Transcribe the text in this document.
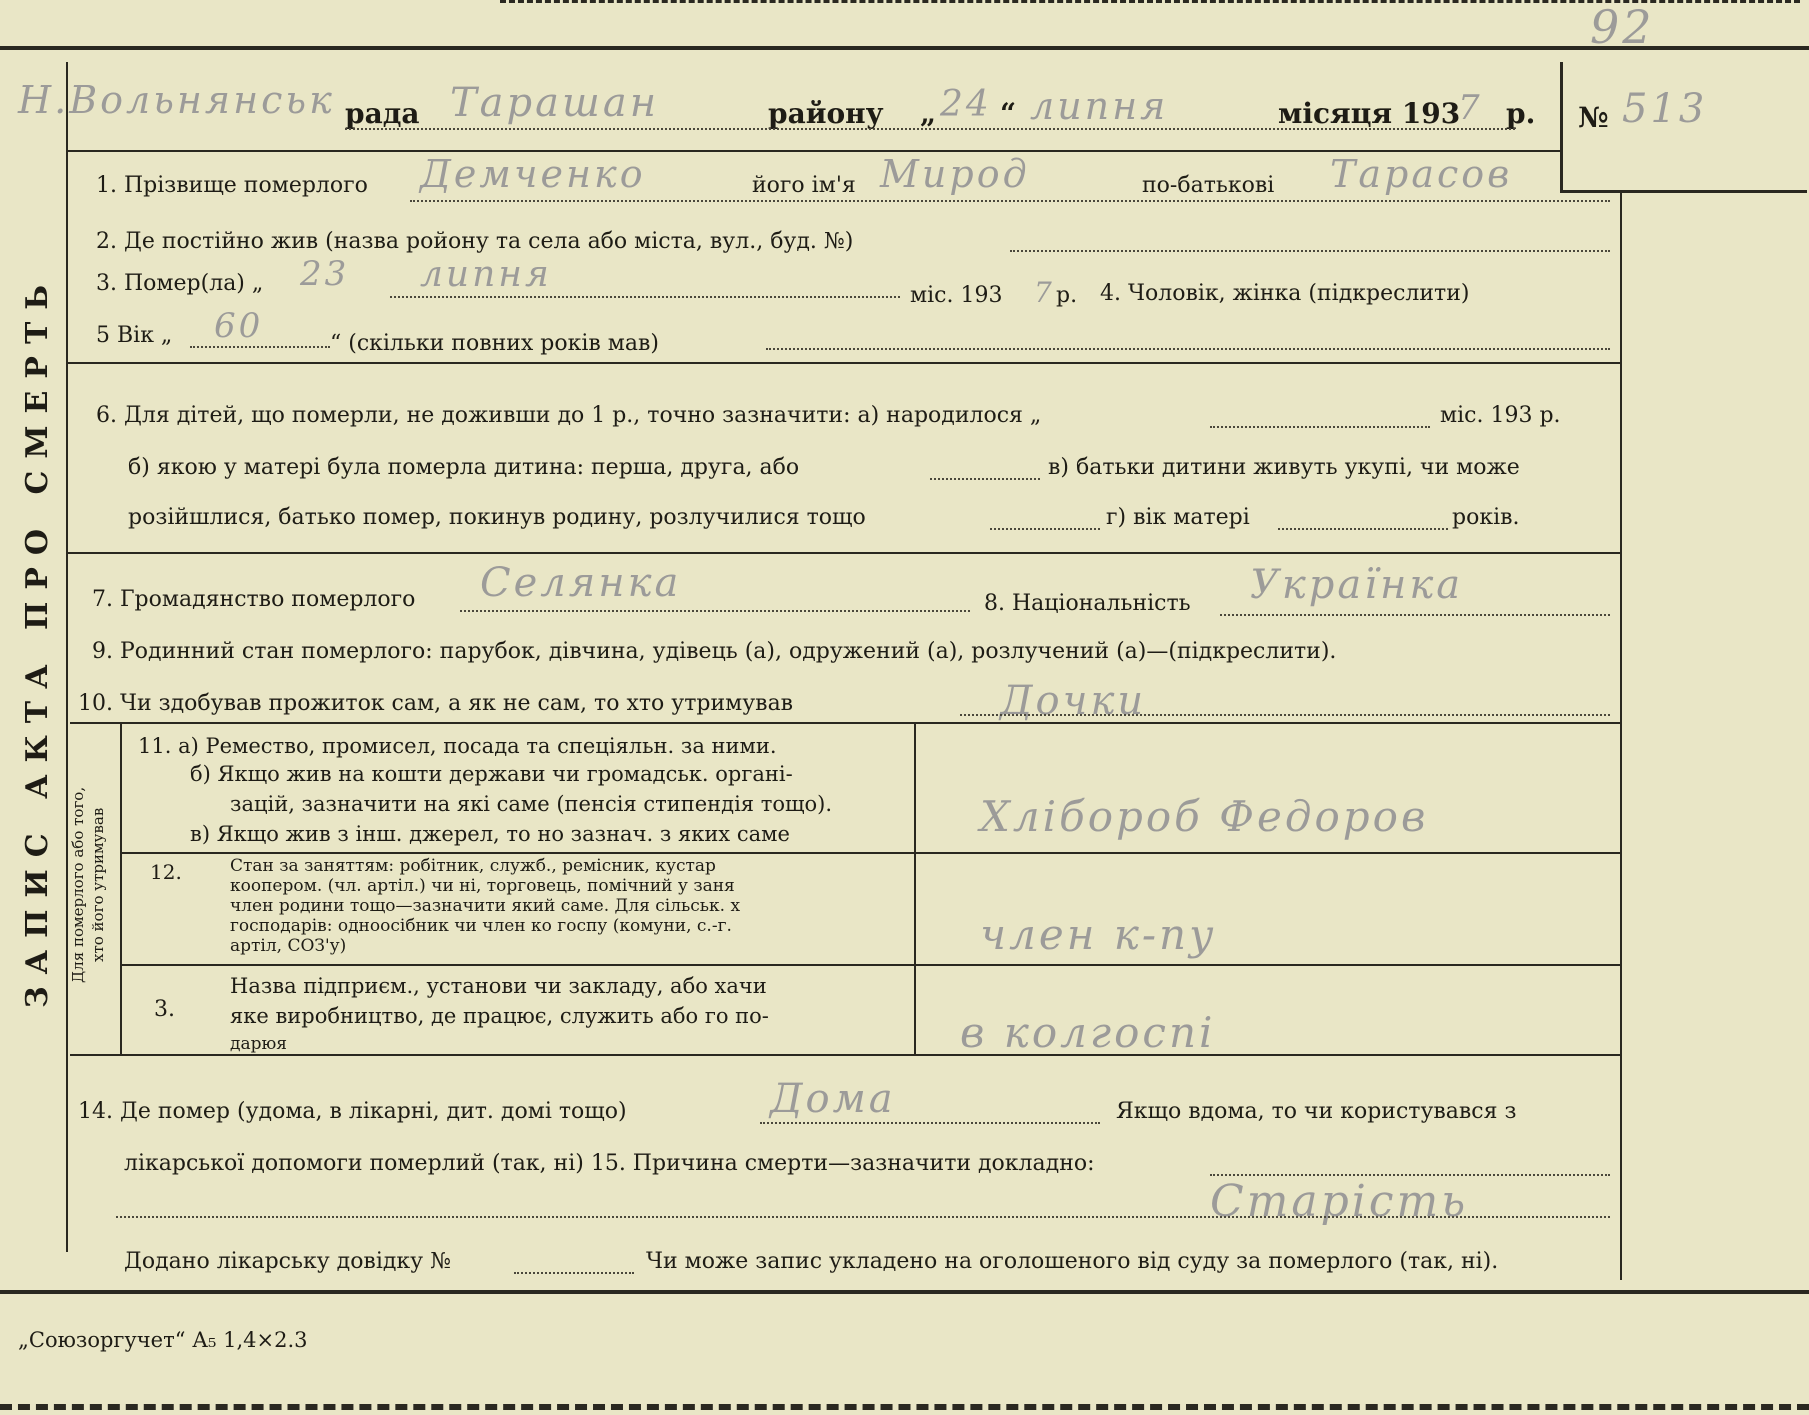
92
ЗАПИС АКТА ПРО СМЕРТЬ
Н.Вольнянськ рада Тарашан	району „ 24 “ липня	місяця 193
7 р. № 513
1. Прізвище померлого Демченко	його ім'я Мирод	по-батькові Тарасов
2. Де постійно жив (назва ройону та села або міста, вул., буд. №)
3. Помер(ла) „ 23 липня
міс. 193 7 р. 4. Чоловік, жінка (підкреслити)
5 Вік „ 60	“ (скільки повних років мав)
6. Для дітей, що померли, не доживши до 1 р., точно зазначити: а) народилося „	міс. 193 р.
б) якою у матері була померла дитина: перша, друга, або	в) батьки дитини живуть укупі, чи може
розійшлися, батько помер, покинув родину, розлучилися тощо	г) вік матері	років.
7. Громадянство померлого Селянка	8. Національність Українка
9. Родинний стан померлого: парубок, дівчина, удівець (а), одружений (а), розлучений (а)—(підкреслити).
10. Чи здобував прожиток сам, а як не сам, то хто утримував	Дочки
Для померлого або того, хто його утримував
11. а) Ремество, промисел, посада та спеціяльн. за ними.
б) Якщо жив на кошти держави чи громадськ. органі-
зацій, зазначити на які саме (пенсія стипендія тощо).
в) Якщо жив з інш. джерел, то но зазнач. з яких саме	Хлібороб Федоров
12.	Стан за заняттям: робітник, служб., ремісник, кустар
коопером. (чл. артіл.) чи ні, торговець, помічний у заня
член родини тощо—зазначити який саме. Для сільськ. х
господарів: одноосібник чи член ко госпу (комуни, с.-г.
артіл, СОЗ'у)	член к-пу
3.
Назва підприєм., установи чи закладу, або хачи
яке виробництво, де працює, служить або го по-
дарюя	в колгоспі
14. Де помер (удома, в лікарні, дит. домі тощо)	Дома	Якщо вдома, то чи користувався з
лікарської допомоги померлий (так, ні) 15. Причина смерти—зазначити докладно:
Старість
Додано лікарську довідку №	Чи може запис укладено на оголошеного від суду за померлого (так, ні).
„Союзоргучет“ А₅ 1,4×2.3
